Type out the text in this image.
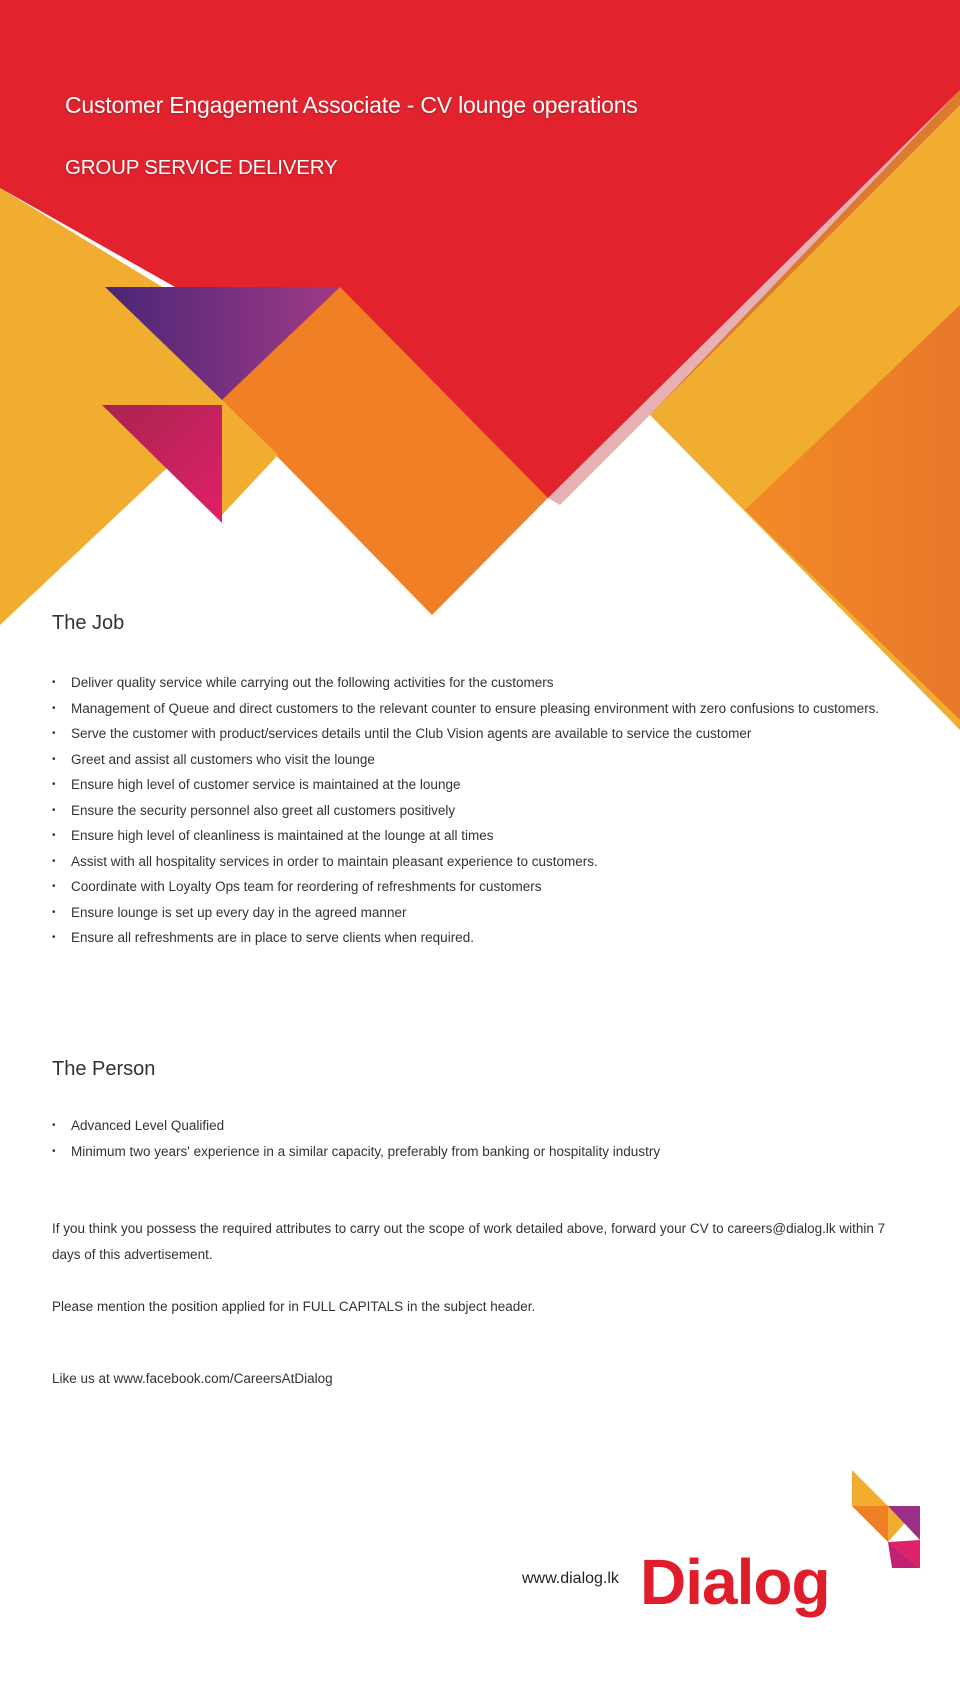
Customer Engagement Associate - CV lounge operations
GROUP SERVICE DELIVERY
The Job
• Deliver quality service while carrying out the following activities for the customers
• Management of Queue and direct customers to the relevant counter to ensure pleasing environment with zero confusions to customers.
• Serve the customer with product/services details until the Club Vision agents are available to service the customer
• Greet and assist all customers who visit the lounge
• Ensure high level of customer service is maintained at the lounge
• Ensure the security personnel also greet all customers positively
• Ensure high level of cleanliness is maintained at the lounge at all times
• Assist with all hospitality services in order to maintain pleasant experience to customers.
• Coordinate with Loyalty Ops team for reordering of refreshments for customers
• Ensure lounge is set up every day in the agreed manner
• Ensure all refreshments are in place to serve clients when required.
The Person
• Advanced Level Qualified
• Minimum two years' experience in a similar capacity, preferably from banking or hospitality industry

If you think you possess the required attributes to carry out the scope of work detailed above, forward your CV to careers@dialog.lk within 7 days of this advertisement.

Please mention the position applied for in FULL CAPITALS in the subject header.

Like us at www.facebook.com/CareersAtDialog

www.dialog.lk Dialog
